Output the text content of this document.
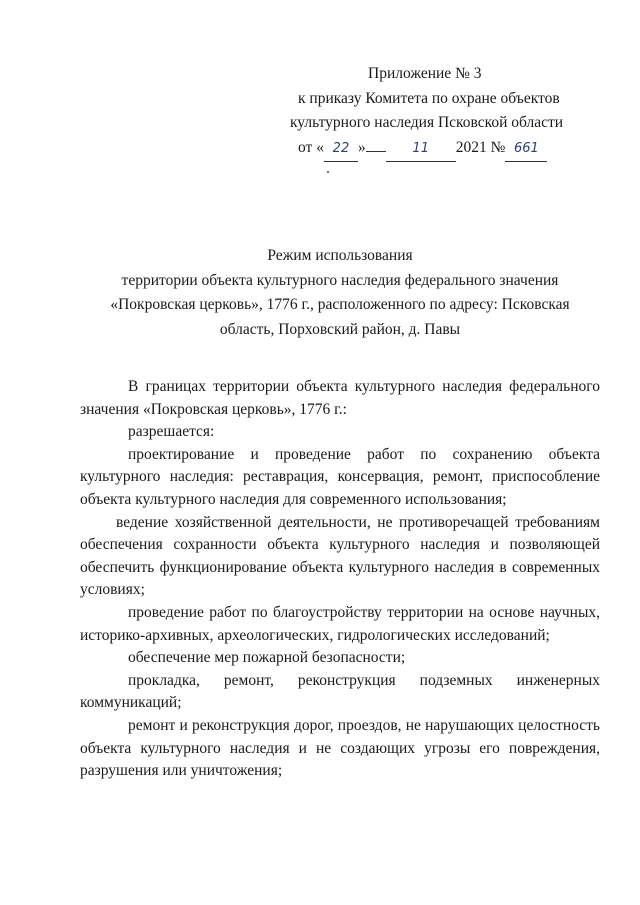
Приложение № 3
к приказу Комитета по охране объектов
культурного наследия Псковской области
от « 22 »	11 2021 № 661
Режим использования
территории объекта культурного наследия федерального значения
«Покровская церковь», 1776 г., расположенного по адресу: Псковская
область, Порховский район, д. Павы

В границах территории объекта культурного наследия федерального значения «Покровская церковь», 1776 г.:

разрешается:

проектирование и проведение работ по сохранению объекта культурного наследия: реставрация, консервация, ремонт, приспособление объекта культурного наследия для современного использования;

ведение хозяйственной деятельности, не противоречащей требованиям обеспечения сохранности объекта культурного наследия и позволяющей обеспечить функционирование объекта культурного наследия в современных условиях;

проведение работ по благоустройству территории на основе научных, историко-архивных, археологических, гидрологических исследований;

обеспечение мер пожарной безопасности;

прокладка, ремонт, реконструкция подземных инженерных коммуникаций;

ремонт и реконструкция дорог, проездов, не нарушающих целостность объекта культурного наследия и не создающих угрозы его повреждения, разрушения или уничтожения;
